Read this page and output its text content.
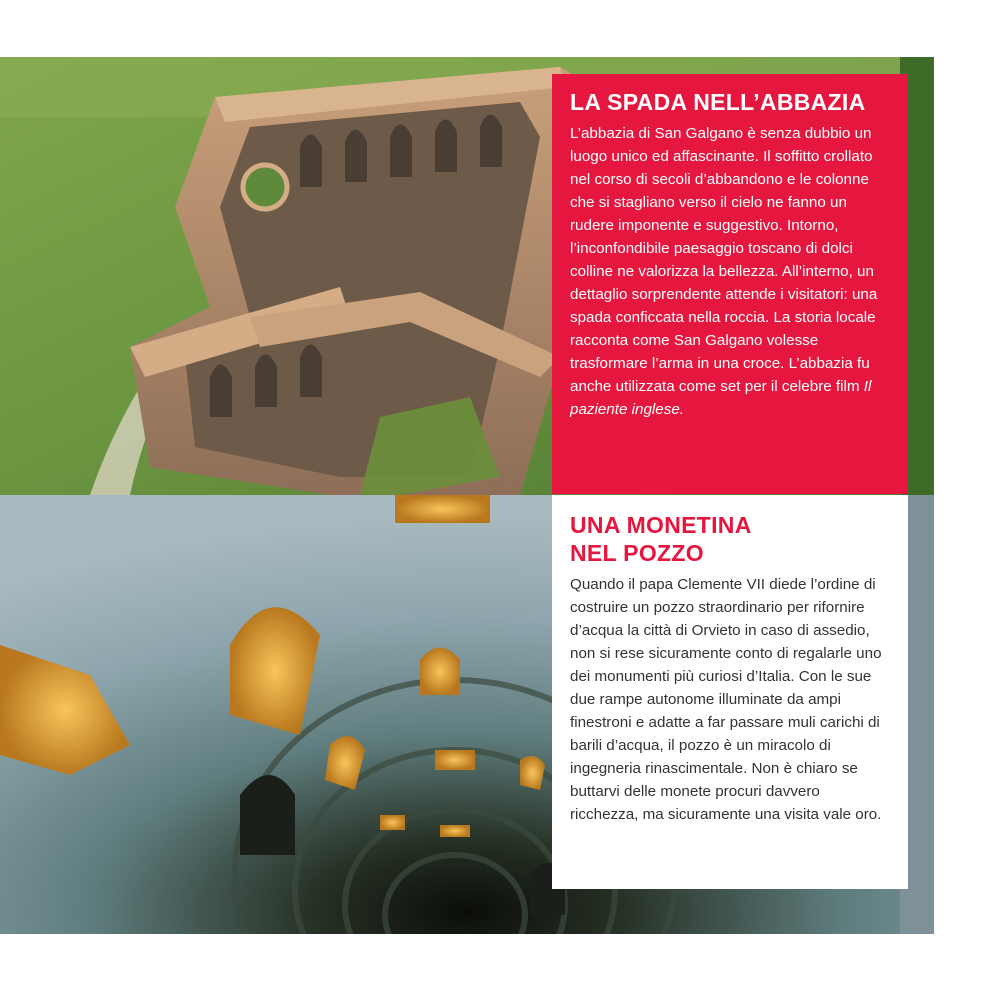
LA SPADA NELL’ABBAZIA

L’abbazia di San Galgano è senza dubbio un luogo unico ed affascinante. Il soffitto crollato nel corso di secoli d’abbandono e le colonne che si stagliano verso il cielo ne fanno un rudere imponente e suggestivo. Intorno, l’inconfondibile paesaggio toscano di dolci colline ne valorizza la bellezza. All’interno, un dettaglio sorprendente attende i visitatori: una spada conficcata nella roccia. La storia locale racconta come San Galgano volesse trasformare l’arma in una croce. L’abbazia fu anche utilizzata come set per il celebre film Il paziente inglese.

UNA MONETINA
NEL POZZO

Quando il papa Clemente VII diede l’ordine di costruire un pozzo straordinario per rifornire d’acqua la città di Orvieto in caso di assedio, non si rese sicuramente conto di regalarle uno dei monumenti più curiosi d’Italia. Con le sue due rampe autonome illuminate da ampi finestroni e adatte a far passare muli carichi di barili d’acqua, il pozzo è un miracolo di ingegneria rinascimentale. Non è chiaro se buttarvi delle monete procuri davvero ricchezza, ma sicuramente una visita vale oro.
